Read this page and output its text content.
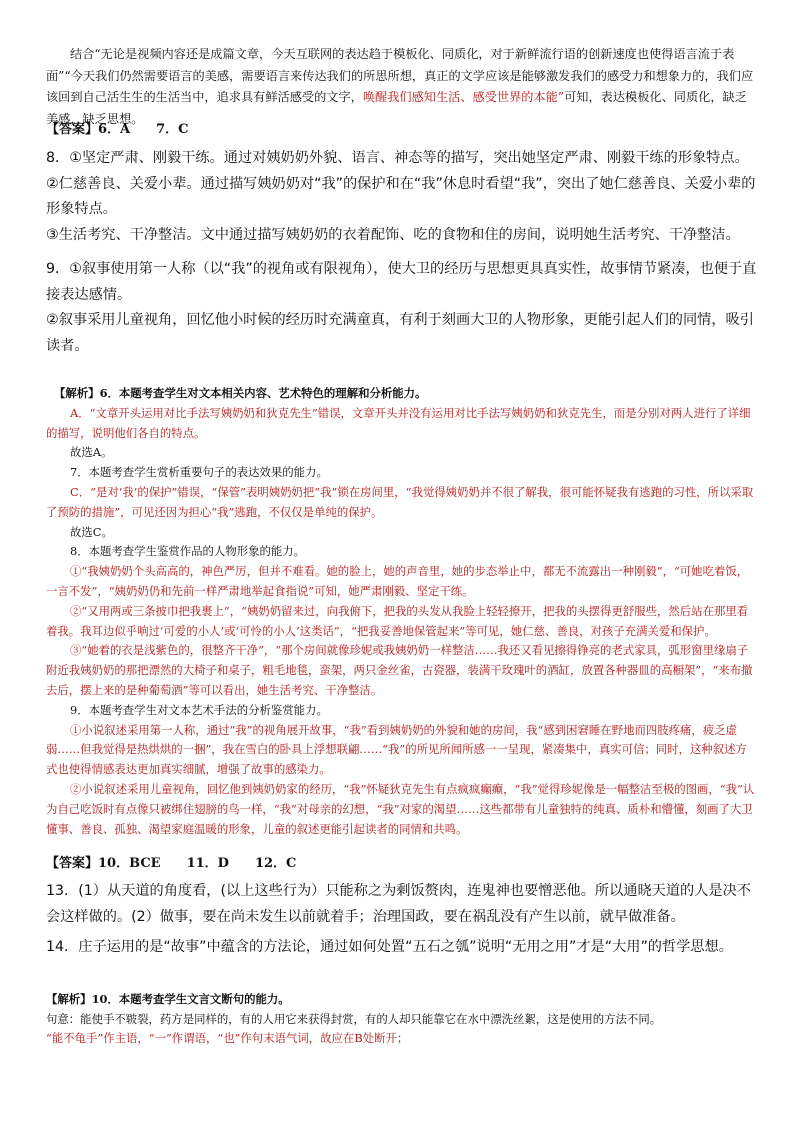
结合“无论是视频内容还是成篇文章，今天互联网的表达趋于模板化、同质化，对于新鲜流行语的创新速度也使得语言流于表面”“今天我们仍然需要语言的美感，需要语言来传达我们的所思所想，真正的文学应该是能够激发我们的感受力和想象力的，我们应该回到自己活生生的生活当中，追求具有鲜活感受的文字，唤醒我们感知生活、感受世界的本能”可知，表达模板化、同质化，缺乏美感，缺乏思想。

【答案】6．A　　7．C

8．①坚定严肃、刚毅干练。通过对姨奶奶外貌、语言、神态等的描写，突出她坚定严肃、刚毅干练的形象特点。

②仁慈善良、关爱小辈。通过描写姨奶奶对“我”的保护和在“我”休息时看望“我”，突出了她仁慈善良、关爱小辈的形象特点。

③生活考究、干净整洁。文中通过描写姨奶奶的衣着配饰、吃的食物和住的房间，说明她生活考究、干净整洁。

9．①叙事使用第一人称（以“我”的视角或有限视角），使大卫的经历与思想更具真实性，故事情节紧凑，也便于直接表达感情。

②叙事采用儿童视角，回忆他小时候的经历时充满童真，有利于刻画大卫的人物形象，更能引起人们的同情，吸引读者。

【解析】6．本题考查学生对文本相关内容、艺术特色的理解和分析能力。

A．“文章开头运用对比手法写姨奶奶和狄克先生”错误，文章开头并没有运用对比手法写姨奶奶和狄克先生，而是分别对两人进行了详细的描写，说明他们各自的特点。

故选A。

7．本题考查学生赏析重要句子的表达效果的能力。

C．“是对‘我’的保护”错误，“保管”表明姨奶奶把“我”锁在房间里，“我觉得姨奶奶并不很了解我，很可能怀疑我有逃跑的习性，所以采取了预防的措施”，可见还因为担心“我”逃跑，不仅仅是单纯的保护。

故选C。

8．本题考查学生鉴赏作品的人物形象的能力。

①“我姨奶奶个头高高的，神色严厉，但并不难看。她的脸上，她的声音里，她的步态举止中，都无不流露出一种刚毅”，“可她吃着饭，一言不发”，“姨奶奶仍和先前一样严肃地举起食指说”可知，她严肃刚毅、坚定干练。

②“又用两或三条披巾把我裹上”，“姨奶奶留来过，向我俯下，把我的头发从我脸上轻轻撩开，把我的头摆得更舒服些，然后站在那里看着我。我耳边似乎响过‘可爱的小人’或‘可怜的小人’这类话”，“把我妥善地保管起来”等可见，她仁慈、善良，对孩子充满关爱和保护。

③“她着的衣是浅紫色的，很整齐干净”，“那个房间就像珍妮或我姨奶奶一样整洁……我还又看见擦得铮亮的老式家具，弧形窗里缘扇子附近我姨奶奶的那把漂然的大椅子和桌子，粗毛地毯，蛮架，两只金丝雀，古瓷器，装满干玫瑰叶的酒缸，放置各种器皿的高橱架”，“来布撤去后，摆上来的是种葡萄酒”等可以看出，她生活考究、干净整洁。

9．本题考查学生对文本艺术手法的分析鉴赏能力。

①小说叙述采用第一人称，通过“我”的视角展开故事，“我”看到姨奶奶的外貌和她的房间，我“感到困窘睡在野地而四肢疼痛，疲乏虚弱……但我觉得是热烘烘的一捆”，我在雪白的卧具上浮想联翩……“我”的所见所闻所感一一呈现，紧凑集中，真实可信；同时，这种叙述方式也使得情感表达更加真实细腻，增强了故事的感染力。

②小说叙述采用儿童视角，回忆他到姨奶奶家的经历，“我”怀疑狄克先生有点疯疯癫癫，“我”觉得珍妮像是一幅整洁至极的图画，“我”认为自己吃饭时有点像只被绑住翅膀的鸟一样，“我”对母亲的幻想，“我”对家的渴望……这些都带有儿童独特的纯真、质朴和懵懂，刻画了大卫懂事、善良、孤独、渴望家庭温暖的形象，儿童的叙述更能引起读者的同情和共鸣。

【答案】10．BCE　　11．D　　12．C
13．(1）从天道的角度看，(以上这些行为）只能称之为剩饭赘肉，连鬼神也要憎恶他。所以通晓天道的人是决不会这样做的。(2）做事，要在尚未发生以前就着手；治理国政，要在祸乱没有产生以前，就早做准备。
14．庄子运用的是“故事”中蕴含的方法论，通过如何处置“五石之瓠”说明“无用之用”才是“大用”的哲学思想。

【解析】10．本题考查学生文言文断句的能力。

句意：能使手不皲裂，药方是同样的，有的人用它来获得封赏，有的人却只能靠它在水中漂洗丝絮，这是使用的方法不同。

“能不龟手”作主语，“一”作谓语，“也”作句末语气词，故应在B处断开；
